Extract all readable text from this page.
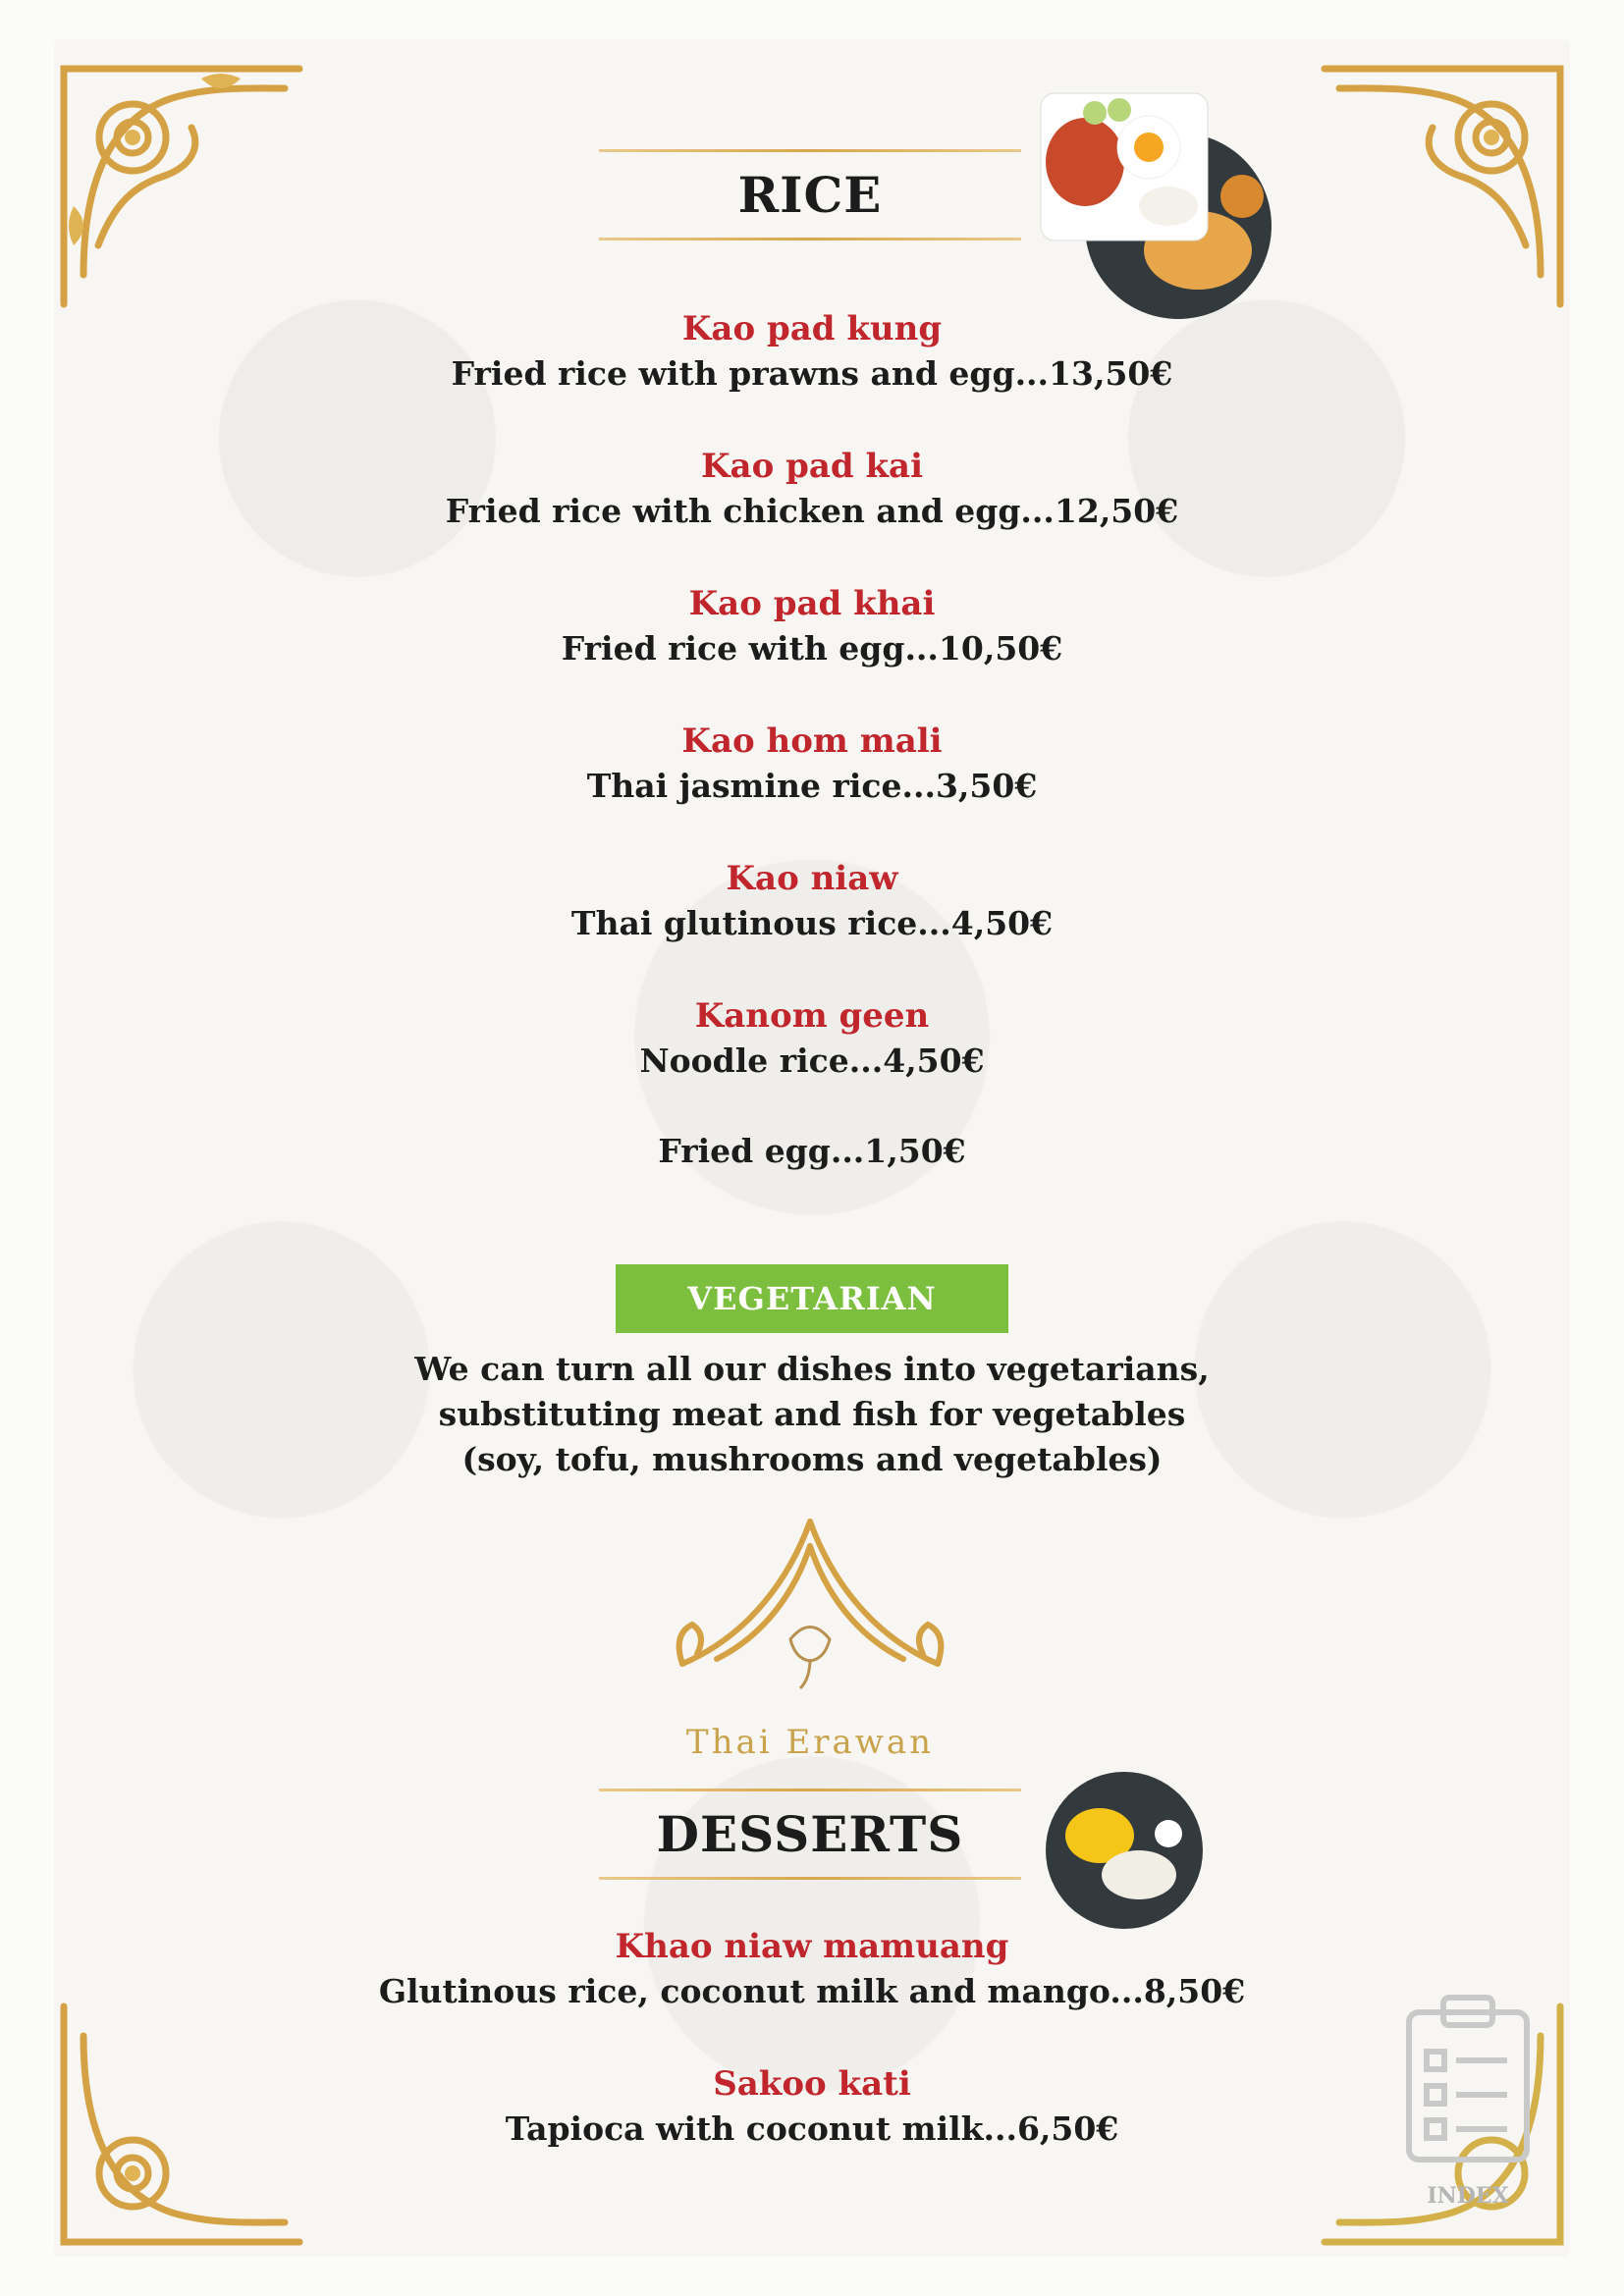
RICE
Kao pad kung
Fried rice with prawns and egg...13,50€
Kao pad kai
Fried rice with chicken and egg...12,50€
Kao pad khai
Fried rice with egg...10,50€
Kao hom mali
Thai jasmine rice...3,50€
Kao niaw
Thai glutinous rice...4,50€
Kanom geen
Noodle rice...4,50€
Fried egg...1,50€
VEGETARIAN
We can turn all our dishes into vegetarians,
substituting meat and fish for vegetables
(soy, tofu, mushrooms and vegetables)
Thai Erawan
DESSERTS
Khao niaw mamuang
Glutinous rice, coconut milk and mango...8,50€
Sakoo kati
Tapioca with coconut milk...6,50€
INDEX
